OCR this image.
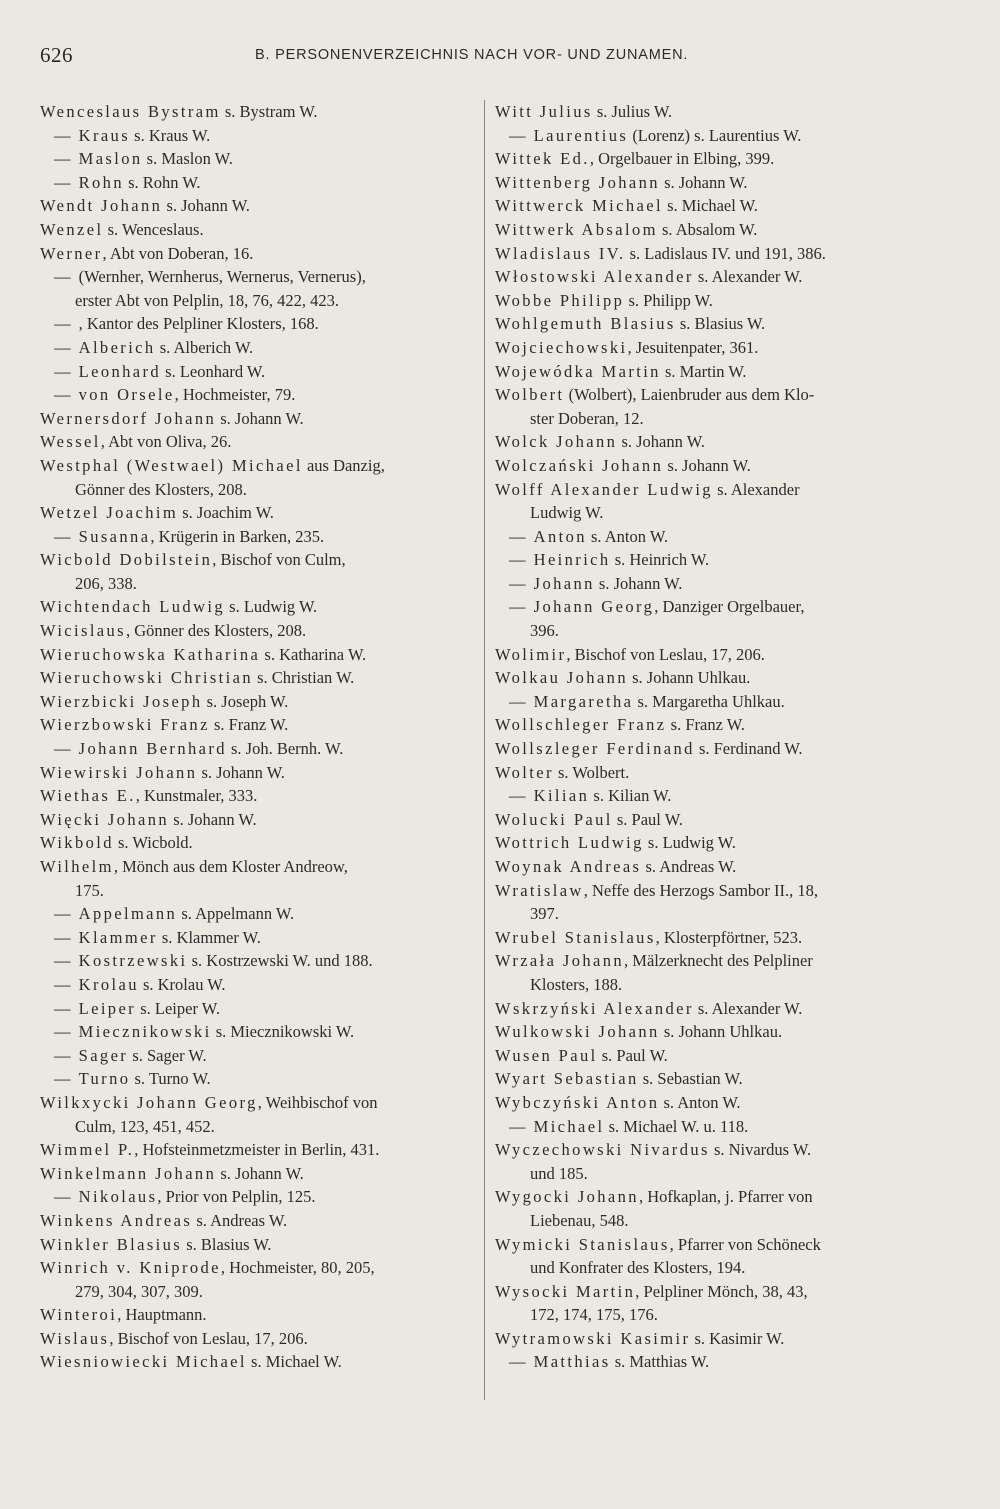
626	B. PERSONENVERZEICHNIS NACH VOR- UND ZUNAMEN.
Wenceslaus Bystram s. Bystram W.
— Kraus s. Kraus W.
— Maslon s. Maslon W.
— Rohn s. Rohn W.
Wendt Johann s. Johann W.
Wenzel s. Wenceslaus.
Werner, Abt von Doberan, 16.
— (Wernher, Wernherus, Wernerus, Vernerus),
erster Abt von Pelplin, 18, 76, 422, 423.
— , Kantor des Pelpliner Klosters, 168.
— Alberich s. Alberich W.
— Leonhard s. Leonhard W.
— von Orsele, Hochmeister, 79.
Wernersdorf Johann s. Johann W.
Wessel, Abt von Oliva, 26.
Westphal (Westwael) Michael aus Danzig,
Gönner des Klosters, 208.
Wetzel Joachim s. Joachim W.
— Susanna, Krügerin in Barken, 235.
Wicbold Dobilstein, Bischof von Culm,
206, 338.
Wichtendach Ludwig s. Ludwig W.
Wicislaus, Gönner des Klosters, 208.
Wieruchowska Katharina s. Katharina W.
Wieruchowski Christian s. Christian W.
Wierzbicki Joseph s. Joseph W.
Wierzbowski Franz s. Franz W.
— Johann Bernhard s. Joh. Bernh. W.
Wiewirski Johann s. Johann W.
Wiethas E., Kunstmaler, 333.
Więcki Johann s. Johann W.
Wikbold s. Wicbold.
Wilhelm, Mönch aus dem Kloster Andreow,
175.
— Appelmann s. Appelmann W.
— Klammer s. Klammer W.
— Kostrzewski s. Kostrzewski W. und 188.
— Krolau s. Krolau W.
— Leiper s. Leiper W.
— Miecznikowski s. Miecznikowski W.
— Sager s. Sager W.
— Turno s. Turno W.
Wilkxycki Johann Georg, Weihbischof von
Culm, 123, 451, 452.
Wimmel P., Hofsteinmetzmeister in Berlin, 431.
Winkelmann Johann s. Johann W.
— Nikolaus, Prior von Pelplin, 125.
Winkens Andreas s. Andreas W.
Winkler Blasius s. Blasius W.
Winrich v. Kniprode, Hochmeister, 80, 205,
279, 304, 307, 309.
Winteroi, Hauptmann.
Wislaus, Bischof von Leslau, 17, 206.
Wiesniowiecki Michael s. Michael W.
Witt Julius s. Julius W.
— Laurentius (Lorenz) s. Laurentius W.
Wittek Ed., Orgelbauer in Elbing, 399.
Wittenberg Johann s. Johann W.
Wittwerck Michael s. Michael W.
Wittwerk Absalom s. Absalom W.
Wladislaus IV. s. Ladislaus IV. und 191, 386.
Włostowski Alexander s. Alexander W.
Wobbe Philipp s. Philipp W.
Wohlgemuth Blasius s. Blasius W.
Wojciechowski, Jesuitenpater, 361.
Wojewódka Martin s. Martin W.
Wolbert (Wolbert), Laienbruder aus dem Klo-
ster Doberan, 12.
Wolck Johann s. Johann W.
Wolczański Johann s. Johann W.
Wolff Alexander Ludwig s. Alexander
Ludwig W.
— Anton s. Anton W.
— Heinrich s. Heinrich W.
— Johann s. Johann W.
— Johann Georg, Danziger Orgelbauer,
396.
Wolimir, Bischof von Leslau, 17, 206.
Wolkau Johann s. Johann Uhlkau.
— Margaretha s. Margaretha Uhlkau.
Wollschleger Franz s. Franz W.
Wollszleger Ferdinand s. Ferdinand W.
Wolter s. Wolbert.
— Kilian s. Kilian W.
Wolucki Paul s. Paul W.
Wottrich Ludwig s. Ludwig W.
Woynak Andreas s. Andreas W.
Wratislaw, Neffe des Herzogs Sambor II., 18,
397.
Wrubel Stanislaus, Klosterpförtner, 523.
Wrzała Johann, Mälzerknecht des Pelpliner
Klosters, 188.
Wskrzyński Alexander s. Alexander W.
Wulkowski Johann s. Johann Uhlkau.
Wusen Paul s. Paul W.
Wyart Sebastian s. Sebastian W.
Wybczyński Anton s. Anton W.
— Michael s. Michael W. u. 118.
Wyczechowski Nivardus s. Nivardus W.
und 185.
Wygocki Johann, Hofkaplan, j. Pfarrer von
Liebenau, 548.
Wymicki Stanislaus, Pfarrer von Schöneck
und Konfrater des Klosters, 194.
Wysocki Martin, Pelpliner Mönch, 38, 43,
172, 174, 175, 176.
Wytramowski Kasimir s. Kasimir W.
— Matthias s. Matthias W.
